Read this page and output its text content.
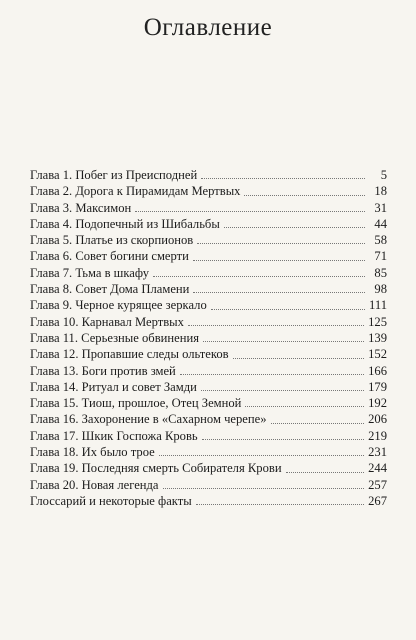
Оглавление
Глава 1. Побег из Преисподней	5
Глава 2. Дорога к Пирамидам Мертвых	18
Глава 3. Максимон	31
Глава 4. Подопечный из Шибальбы	44
Глава 5. Платье из скорпионов	58
Глава 6. Совет богини смерти	71
Глава 7. Тьма в шкафу	85
Глава 8. Совет Дома Пламени	98
Глава 9. Черное курящее зеркало	111
Глава 10. Карнавал Мертвых	125
Глава 11. Серьезные обвинения	139
Глава 12. Пропавшие следы ольтеков	152
Глава 13. Боги против змей	166
Глава 14. Ритуал и совет Замди	179
Глава 15. Тиош, прошлое, Отец Земной	192
Глава 16. Захоронение в «Сахарном черепе»	206
Глава 17. Шкик Госпожа Кровь	219
Глава 18. Их было трое	231
Глава 19. Последняя смерть Собирателя Крови	244
Глава 20. Новая легенда	257
Глоссарий и некоторые факты	267
